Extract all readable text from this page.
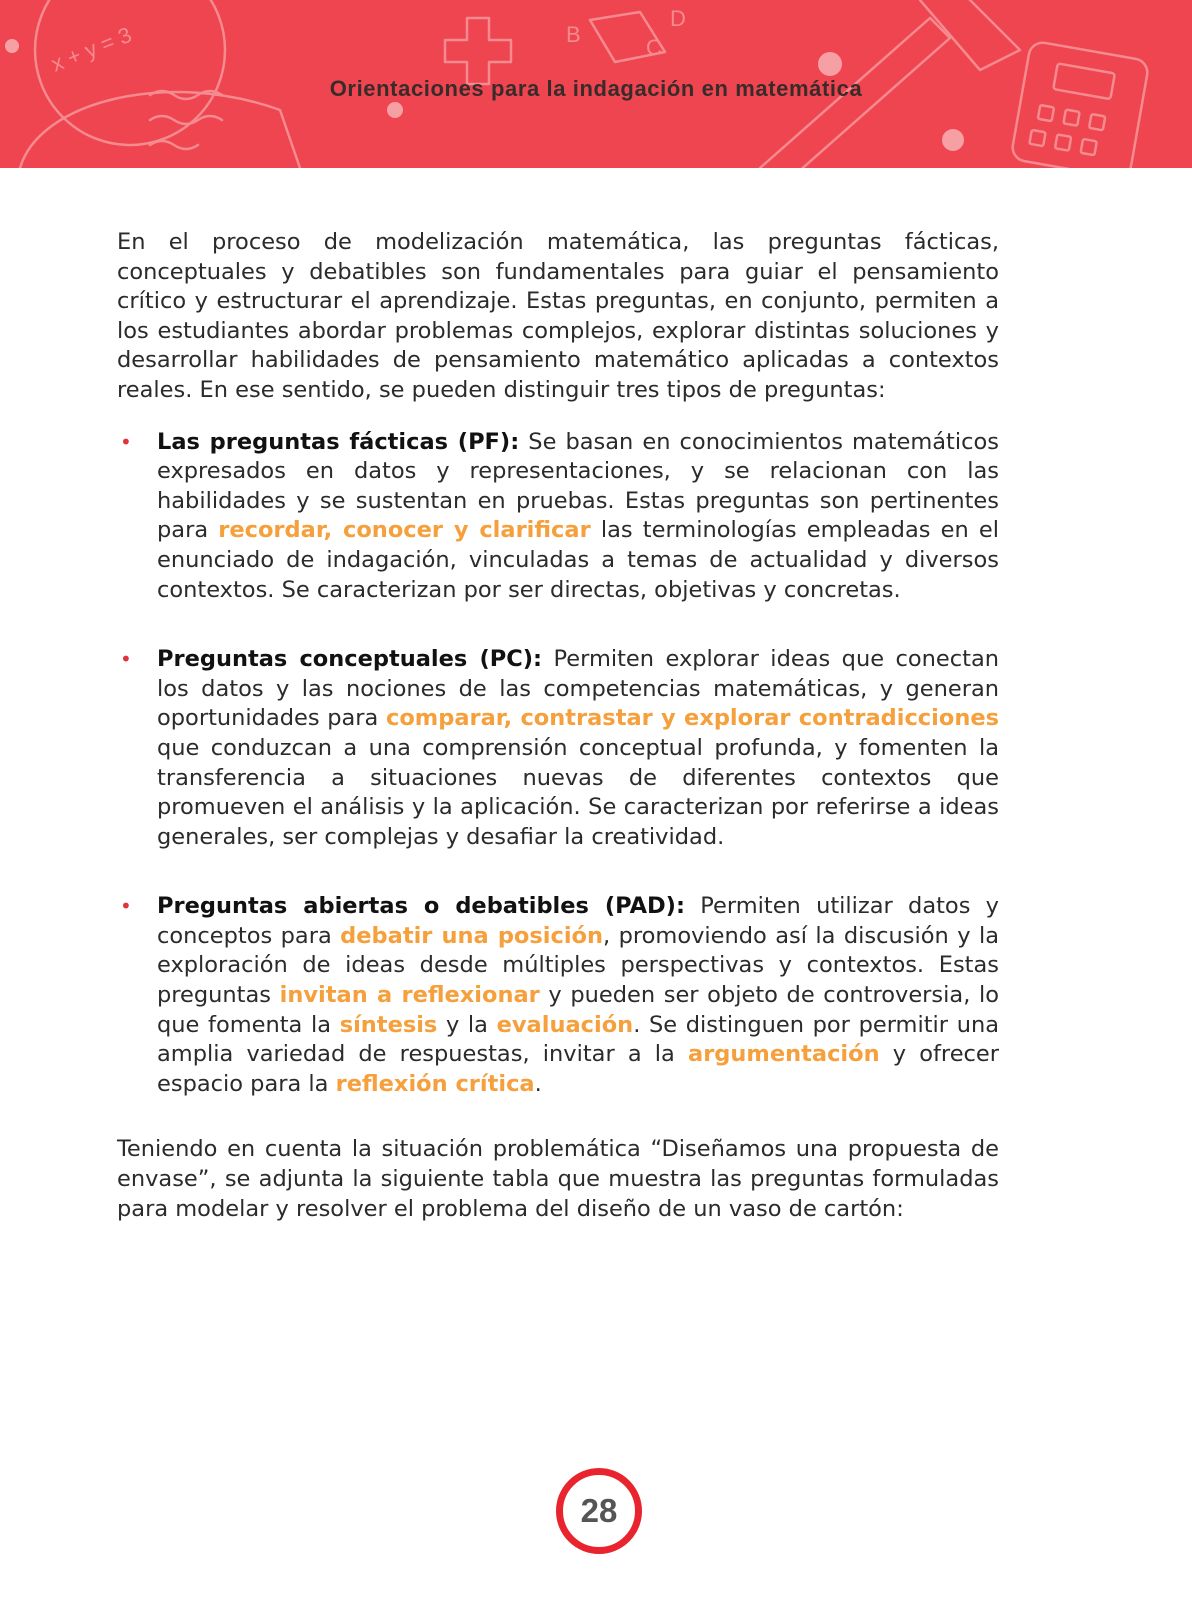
x + y = 3	B
C
D
Orientaciones para la indagación en matemática

En el proceso de modelización matemática, las preguntas fácticas, conceptuales y debatibles son fundamentales para guiar el pensamiento crítico y estructurar el aprendizaje. Estas preguntas, en conjunto, permiten a los estudiantes abordar problemas complejos, explorar distintas soluciones y desarrollar habilidades de pensamiento matemático aplicadas a contextos reales. En ese sentido, se pueden distinguir tres tipos de preguntas:

• Las preguntas fácticas (PF): Se basan en conocimientos matemáticos expresados en datos y representaciones, y se relacionan con las habilidades y se sustentan en pruebas. Estas preguntas son pertinentes para recordar, conocer y clarificar las terminologías empleadas en el enunciado de indagación, vinculadas a temas de actualidad y diversos contextos. Se caracterizan por ser directas, objetivas y concretas.
• Preguntas conceptuales (PC): Permiten explorar ideas que conectan los datos y las nociones de las competencias matemáticas, y generan oportunidades para comparar, contrastar y explorar contradicciones que conduzcan a una comprensión conceptual profunda, y fomenten la transferencia a situaciones nuevas de diferentes contextos que promueven el análisis y la aplicación. Se caracterizan por referirse a ideas generales, ser complejas y desafiar la creatividad.
• Preguntas abiertas o debatibles (PAD): Permiten utilizar datos y conceptos para debatir una posición, promoviendo así la discusión y la exploración de ideas desde múltiples perspectivas y contextos. Estas preguntas invitan a reflexionar y pueden ser objeto de controversia, lo que fomenta la síntesis y la evaluación. Se distinguen por permitir una amplia variedad de respuestas, invitar a la argumentación y ofrecer espacio para la reflexión crítica.

Teniendo en cuenta la situación problemática “Diseñamos una propuesta de envase”, se adjunta la siguiente tabla que muestra las preguntas formuladas para modelar y resolver el problema del diseño de un vaso de cartón:

28
